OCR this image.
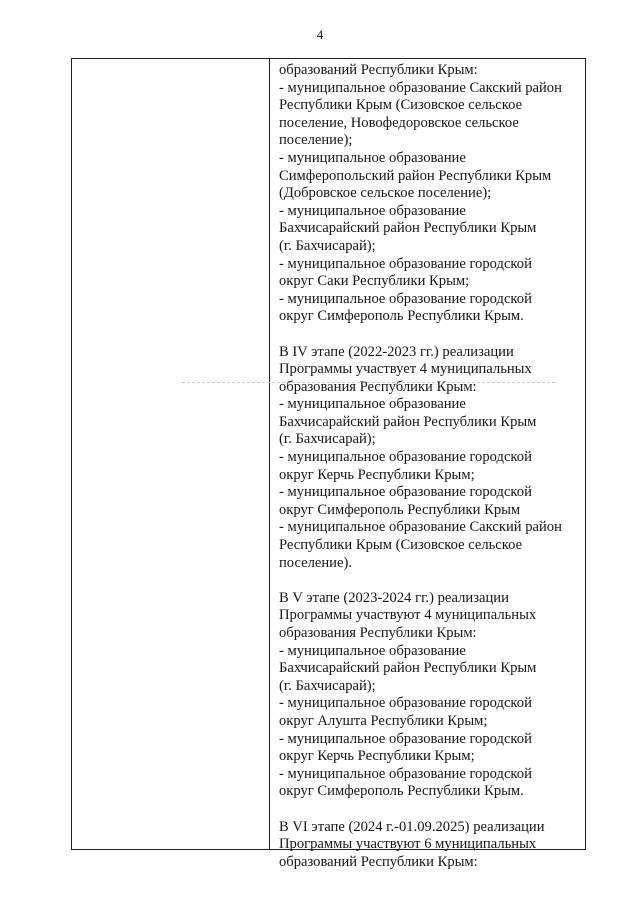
4
образований Республики Крым:
- муниципальное образование Сакский район
Республики Крым (Сизовское сельское
поселение, Новофедоровское сельское
поселение);
- муниципальное образование
Симферопольский район Республики Крым
(Добровское сельское поселение);
- муниципальное образование
Бахчисарайский район Республики Крым
(г. Бахчисарай);
- муниципальное образование городской
округ Саки Республики Крым;
- муниципальное образование городской
округ Симферополь Республики Крым.
В IV этапе (2022-2023 гг.) реализации
Программы участвует 4 муниципальных
образования Республики Крым:
- муниципальное образование
Бахчисарайский район Республики Крым
(г. Бахчисарай);
- муниципальное образование городской
округ Керчь Республики Крым;
- муниципальное образование городской
округ Симферополь Республики Крым
- муниципальное образование Сакский район
Республики Крым (Сизовское сельское
поселение).
В V этапе (2023-2024 гг.) реализации
Программы участвуют 4 муниципальных
образования Республики Крым:
- муниципальное образование
Бахчисарайский район Республики Крым
(г. Бахчисарай);
- муниципальное образование городской
округ Алушта Республики Крым;
- муниципальное образование городской
округ Керчь Республики Крым;
- муниципальное образование городской
округ Симферополь Республики Крым.
В VI этапе (2024 г.-01.09.2025) реализации
Программы участвуют 6 муниципальных
образований Республики Крым:
